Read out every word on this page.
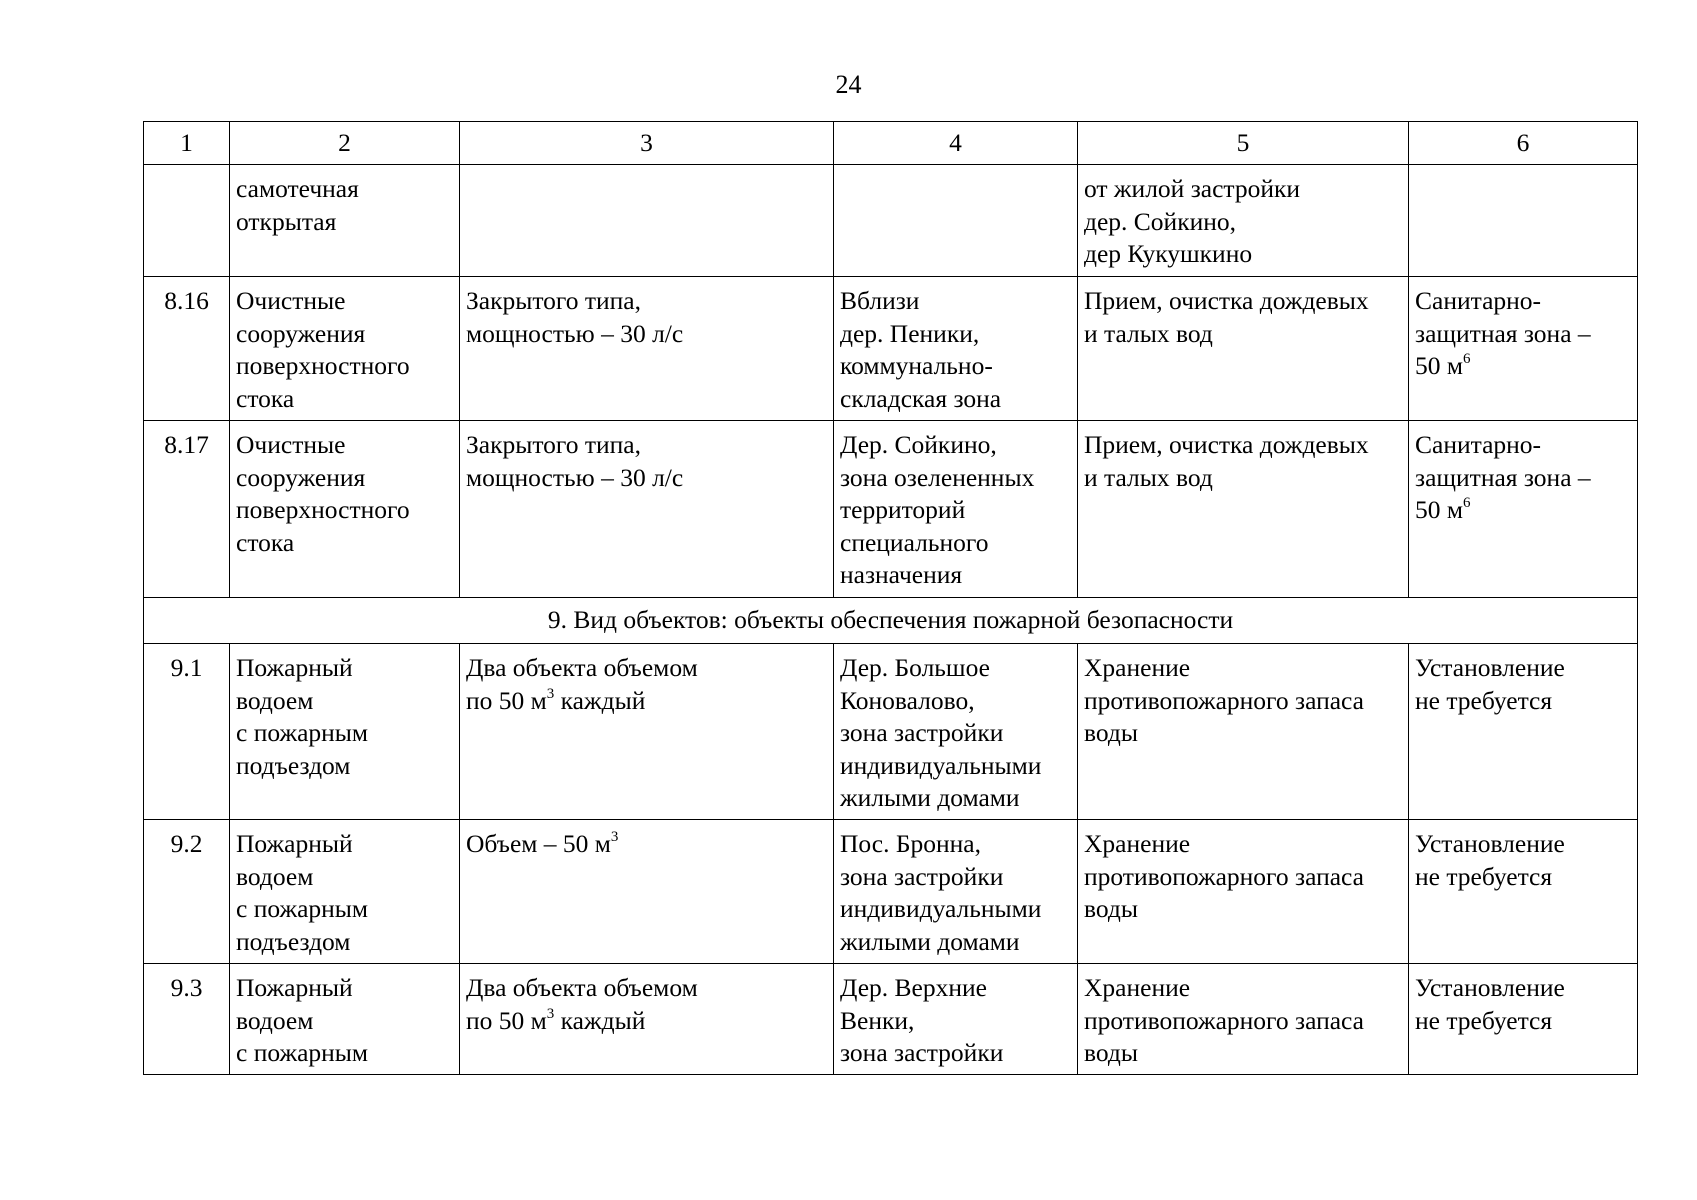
24
1	2	3	4	5	6
	самотечная
открытая			от жилой застройки
дер. Сойкино,
дер Кукушкино	
8.16	Очистные
сооружения
поверхностного
стока	Закрытого типа,
мощностью – 30 л/с	Вблизи
дер. Пеники,
коммунально-
складская зона	Прием, очистка дождевых
и талых вод	Санитарно-
защитная зона –
50 $м^6$
8.17	Очистные
сооружения
поверхностного
стока	Закрытого типа,
мощностью – 30 л/с	Дер. Сойкино,
зона озелененных
территорий
специального
назначения	Прием, очистка дождевых
и талых вод	Санитарно-
защитная зона –
50 $м^6$
9. Вид объектов: объекты обеспечения пожарной безопасности					
9.1	Пожарный
водоем
с пожарным
подъездом	Два объекта объемом
по 50 $м^3$ каждый	Дер. Большое
Коновалово,
зона застройки
индивидуальными
жилыми домами	Хранение
противопожарного запаса
воды	Установление
не требуется
9.2	Пожарный
водоем
с пожарным
подъездом	Объем – 50 $м^3$	Пос. Бронна,
зона застройки
индивидуальными
жилыми домами	Хранение
противопожарного запаса
воды	Установление
не требуется
9.3	Пожарный
водоем
с пожарным	Два объекта объемом
по 50 $м^3$ каждый	Дер. Верхние
Венки,
зона застройки	Хранение
противопожарного запаса
воды	Установление
не требуется
